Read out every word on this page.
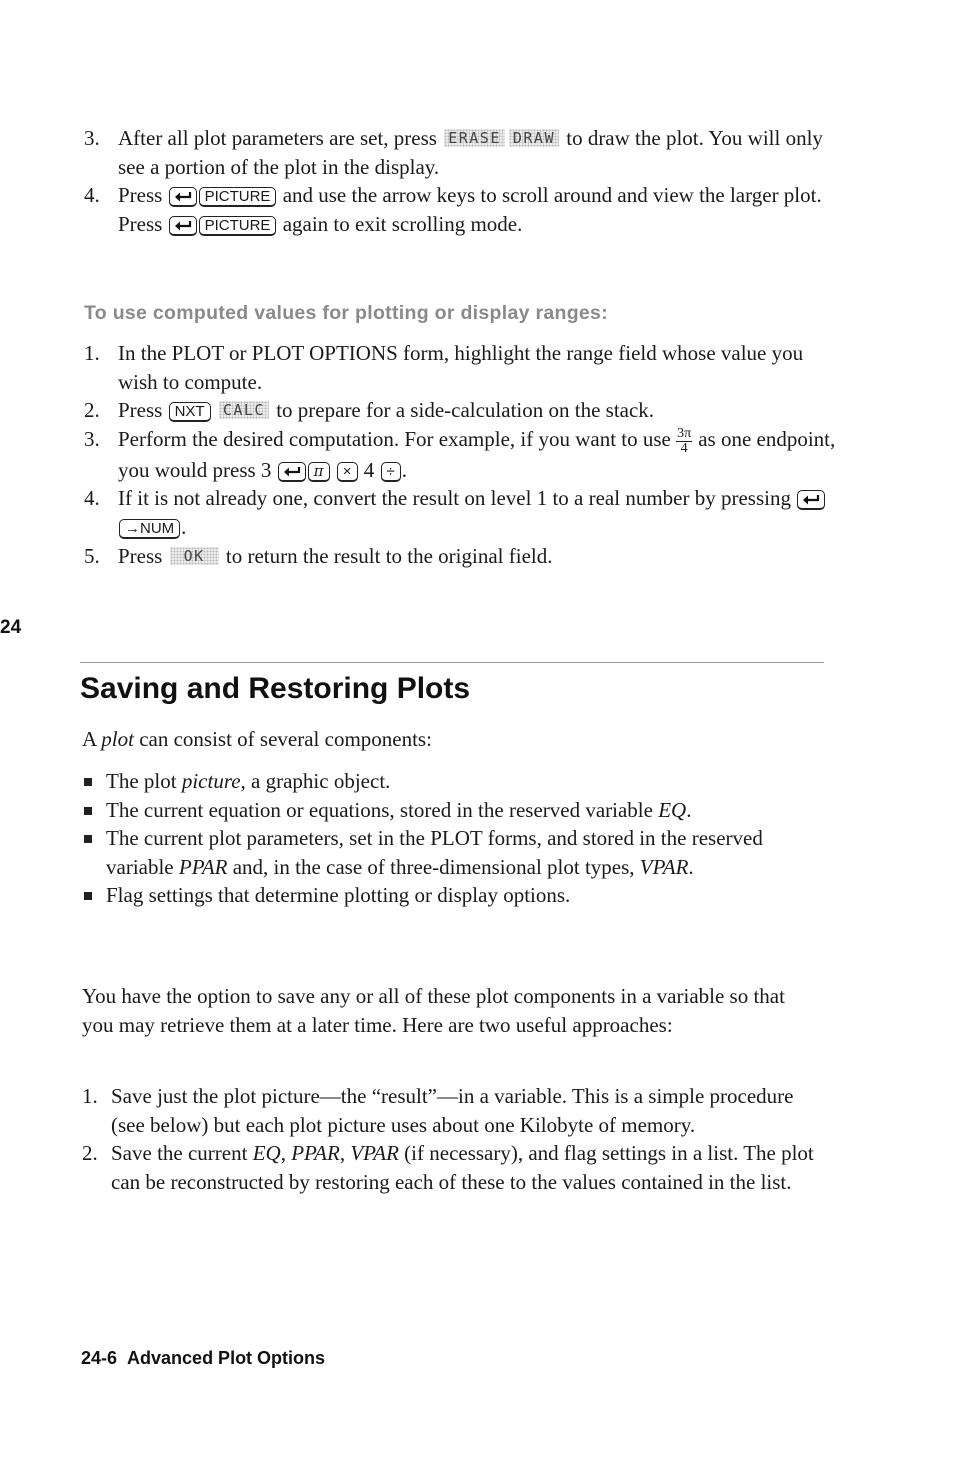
3. After all plot parameters are set, press ERASE DRAW to draw the plot. You will only see a portion of the plot in the display.
4. Press	PICTURE and use the arrow keys to scroll around and view the larger plot. Press	PICTURE again to exit scrolling mode.
To use computed values for plotting or display ranges:
1. In the PLOT or PLOT OPTIONS form, highlight the range field whose value you wish to compute.
2. Press NXT CALC to prepare for a side-calculation on the stack.
3. Perform the desired computation. For example, if you want to use $\frac{3\pi}{4}$ as one endpoint, you would press 3	π × 4 ÷ .
4. If it is not already one, convert the result on level 1 to a real number by pressing →NUM .
5. Press OK to return the result to the original field.
24
Saving and Restoring Plots
A plot can consist of several components:
The plot picture, a graphic object.
The current equation or equations, stored in the reserved variable EQ.
The current plot parameters, set in the PLOT forms, and stored in the reserved variable PPAR and, in the case of three-dimensional plot types, VPAR.
Flag settings that determine plotting or display options.
You have the option to save any or all of these plot components in a variable so that you may retrieve them at a later time. Here are two useful approaches:
1. Save just the plot picture—the “result”—in a variable. This is a simple procedure (see below) but each plot picture uses about one Kilobyte of memory.
2. Save the current EQ, PPAR, VPAR (if necessary), and flag settings in a list. The plot can be reconstructed by restoring each of these to the values contained in the list.
24-6 Advanced Plot Options
